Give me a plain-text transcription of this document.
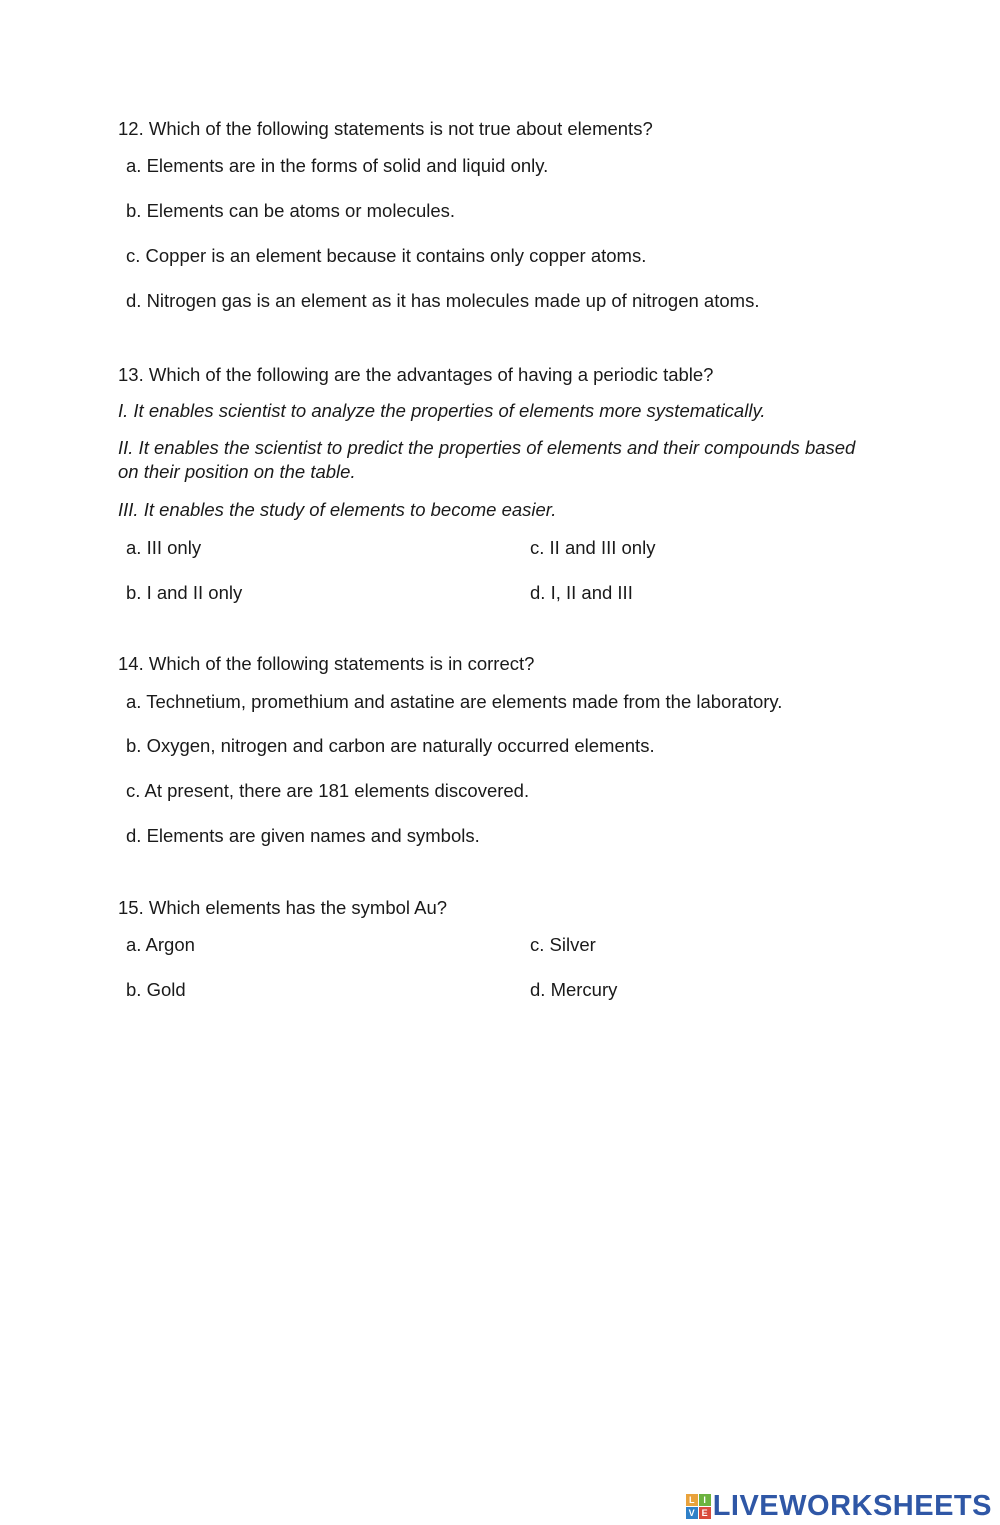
12. Which of the following statements is not true about elements?
a. Elements are in the forms of solid and liquid only.
b. Elements can be atoms or molecules.
c. Copper is an element because it contains only copper atoms.
d. Nitrogen gas is an element as it has molecules made up of nitrogen atoms.
13. Which of the following are the advantages of having a periodic table?
I. It enables scientist to analyze the properties of elements more systematically.
II. It enables the scientist to predict the properties of elements and their compounds based on their position on the table.
III. It enables the study of elements to become easier.
a. III only
b. I and II only
c. II and III only
d. I, II and III
14. Which of the following statements is in correct?
a. Technetium, promethium and astatine are elements made from the laboratory.
b. Oxygen, nitrogen and carbon are naturally occurred elements.
c. At present, there are 181 elements discovered.
d. Elements are given names and symbols.
15. Which elements has the symbol Au?
a. Argon
b. Gold
c. Silver
d. Mercury
L I
V E LIVEWORKSHEETS
